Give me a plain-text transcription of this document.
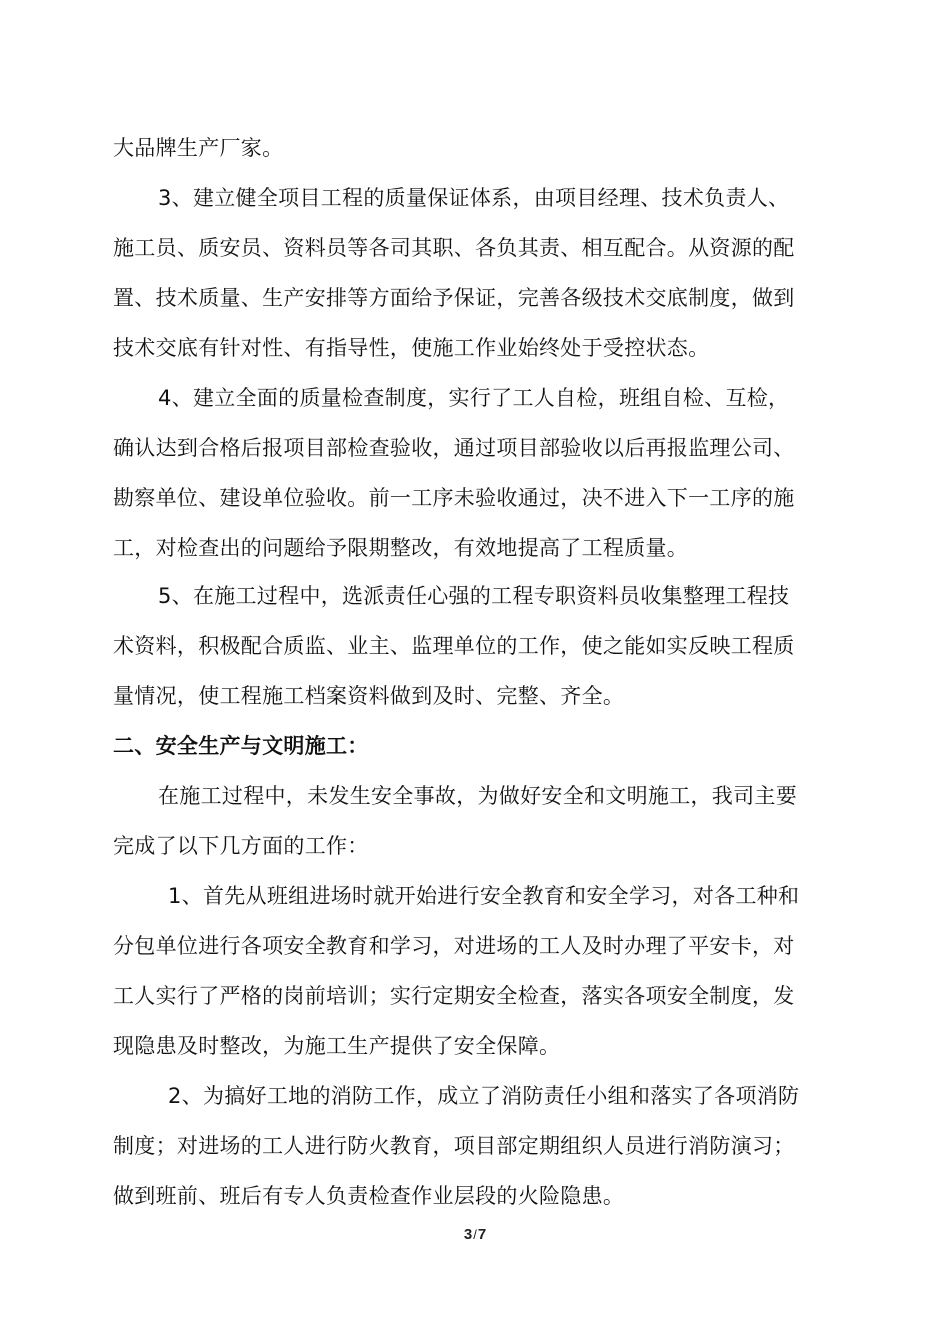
大品牌生产厂家。
3、建立健全项目工程的质量保证体系，由项目经理、技术负责人、
施工员、质安员、资料员等各司其职、各负其责、相互配合。从资源的配
置、技术质量、生产安排等方面给予保证，完善各级技术交底制度，做到
技术交底有针对性、有指导性，使施工作业始终处于受控状态。
4、建立全面的质量检查制度，实行了工人自检，班组自检、互检，
确认达到合格后报项目部检查验收，通过项目部验收以后再报监理公司、
勘察单位、建设单位验收。前一工序未验收通过，决不进入下一工序的施
工，对检查出的问题给予限期整改，有效地提高了工程质量。
5、在施工过程中，选派责任心强的工程专职资料员收集整理工程技
术资料，积极配合质监、业主、监理单位的工作，使之能如实反映工程质
量情况，使工程施工档案资料做到及时、完整、齐全。
二、安全生产与文明施工：
在施工过程中，未发生安全事故，为做好安全和文明施工，我司主要
完成了以下几方面的工作：
1、首先从班组进场时就开始进行安全教育和安全学习，对各工种和
分包单位进行各项安全教育和学习，对进场的工人及时办理了平安卡，对
工人实行了严格的岗前培训；实行定期安全检查，落实各项安全制度，发
现隐患及时整改，为施工生产提供了安全保障。
2、为搞好工地的消防工作，成立了消防责任小组和落实了各项消防
制度；对进场的工人进行防火教育，项目部定期组织人员进行消防演习；
做到班前、班后有专人负责检查作业层段的火险隐患。
3/7
